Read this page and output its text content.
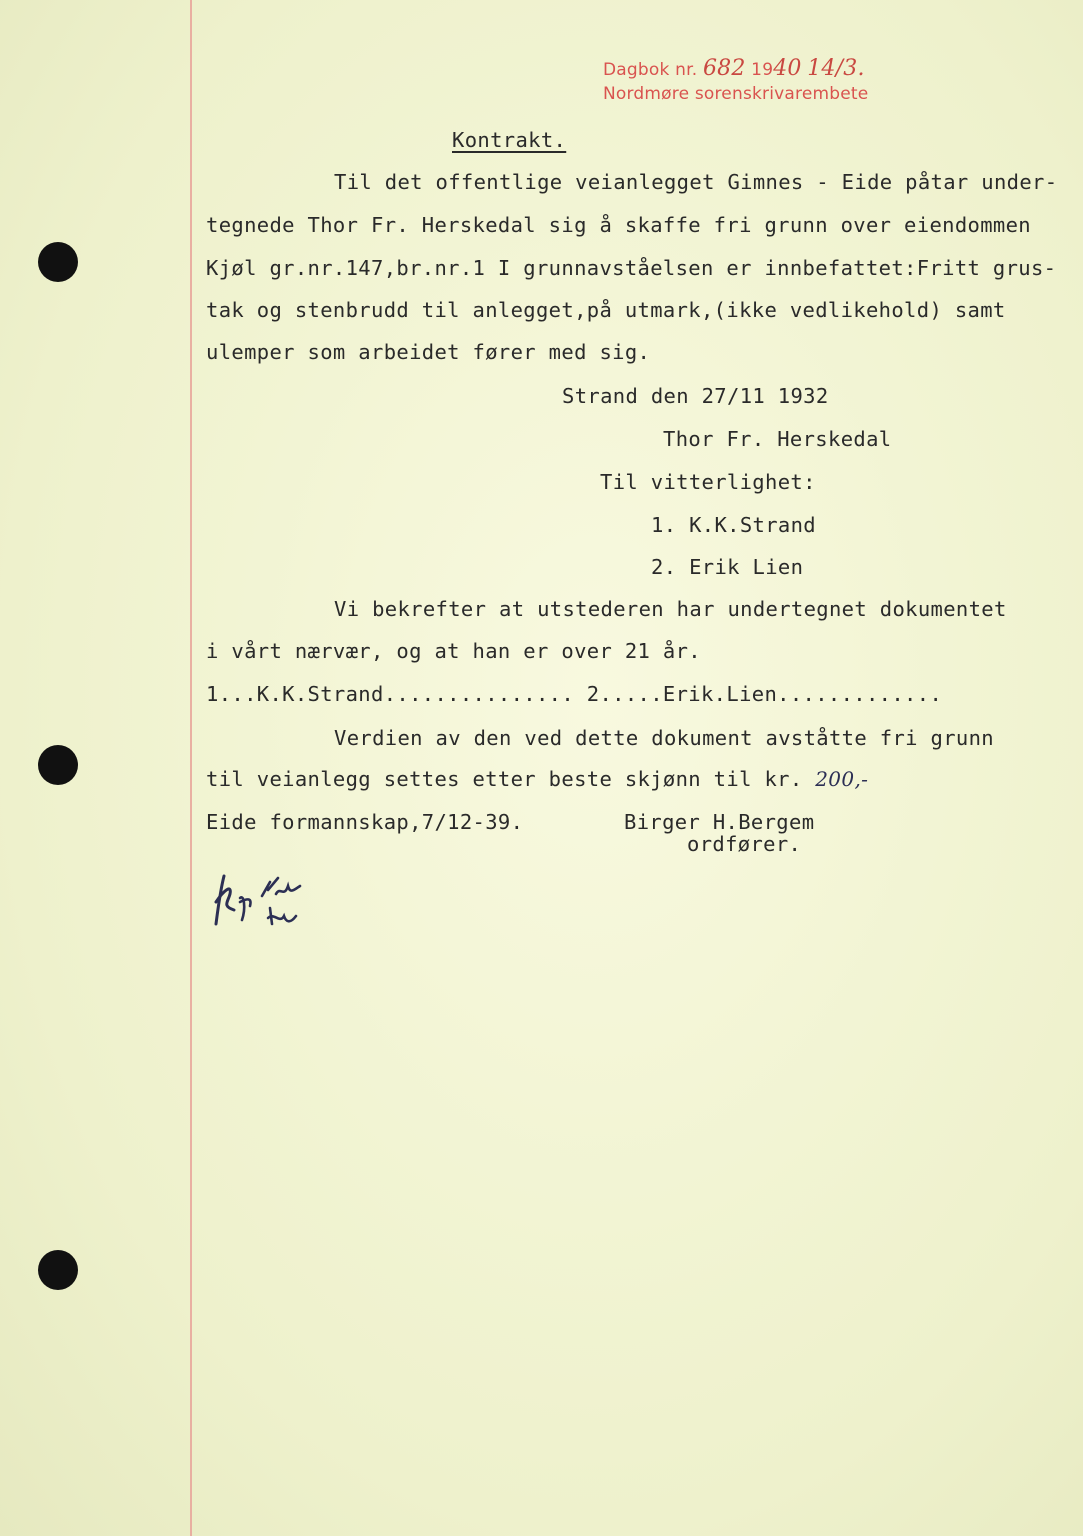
Dagbok nr. 682 1940 14/3.
Nordmøre sorenskrivarembete
Kontrakt.
Til det offentlige veianlegget Gimnes - Eide påtar under-
tegnede Thor Fr. Herskedal sig å skaffe fri grunn over eiendommen
Kjøl gr.nr.147,br.nr.1 I grunnavståelsen er innbefattet:Fritt grus-
tak og stenbrudd til anlegget,på utmark,(ikke vedlikehold) samt
ulemper som arbeidet fører med sig.
Strand den 27/11 1932
Thor Fr. Herskedal
Til vitterlighet:
1. K.K.Strand
2. Erik Lien
Vi bekrefter at utstederen har undertegnet dokumentet
i vårt nærvær, og at han er over 21 år.
1...K.K.Strand............... 2.....Erik.Lien.............
Verdien av den ved dette dokument avståtte fri grunn
til veianlegg settes etter beste skjønn til kr. 200,-
Eide formannskap,7/12-39.	Birger H.Bergem
ordfører.
